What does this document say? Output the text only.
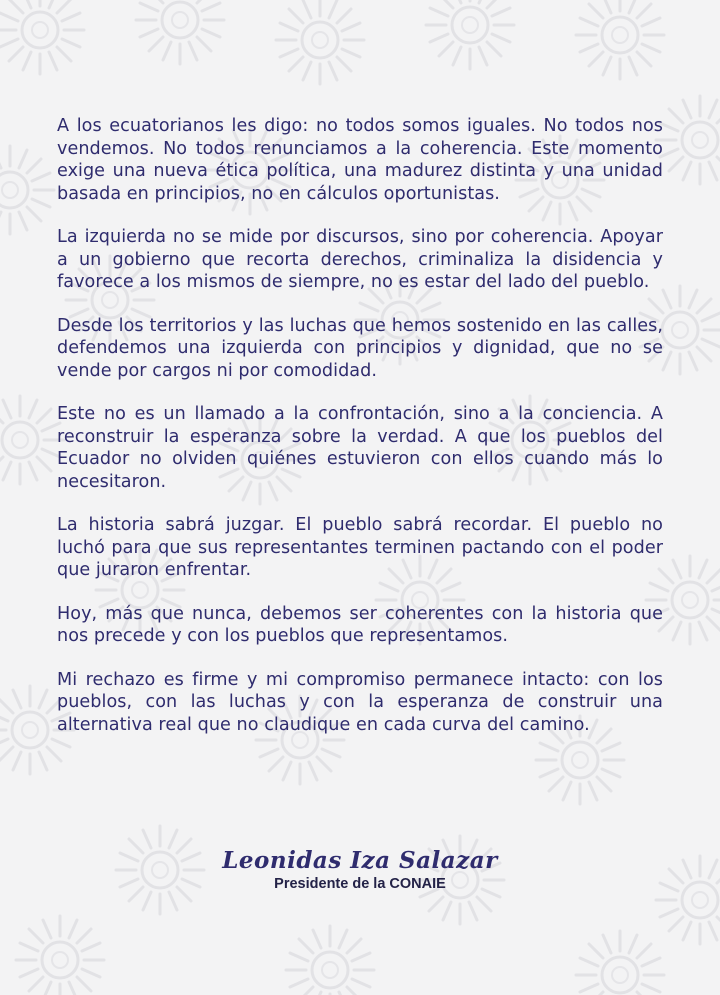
A los ecuatorianos les digo: no todos somos iguales. No todos nos vendemos. No todos renunciamos a la coherencia. Este momento exige una nueva ética política, una madurez distinta y una unidad basada en principios, no en cálculos oportunistas.

La izquierda no se mide por discursos, sino por coherencia. Apoyar a un gobierno que recorta derechos, criminaliza la disidencia y favorece a los mismos de siempre, no es estar del lado del pueblo.

Desde los territorios y las luchas que hemos sostenido en las calles, defendemos una izquierda con principios y dignidad, que no se vende por cargos ni por comodidad.

Este no es un llamado a la confrontación, sino a la conciencia. A reconstruir la esperanza sobre la verdad. A que los pueblos del Ecuador no olviden quiénes estuvieron con ellos cuando más lo necesitaron.

La historia sabrá juzgar. El pueblo sabrá recordar. El pueblo no luchó para que sus representantes terminen pactando con el poder que juraron enfrentar.

Hoy, más que nunca, debemos ser coherentes con la historia que nos precede y con los pueblos que representamos.

Mi rechazo es firme y mi compromiso permanece intacto: con los pueblos, con las luchas y con la esperanza de construir una alternativa real que no claudique en cada curva del camino.

Leonidas Iza Salazar
Presidente de la CONAIE
